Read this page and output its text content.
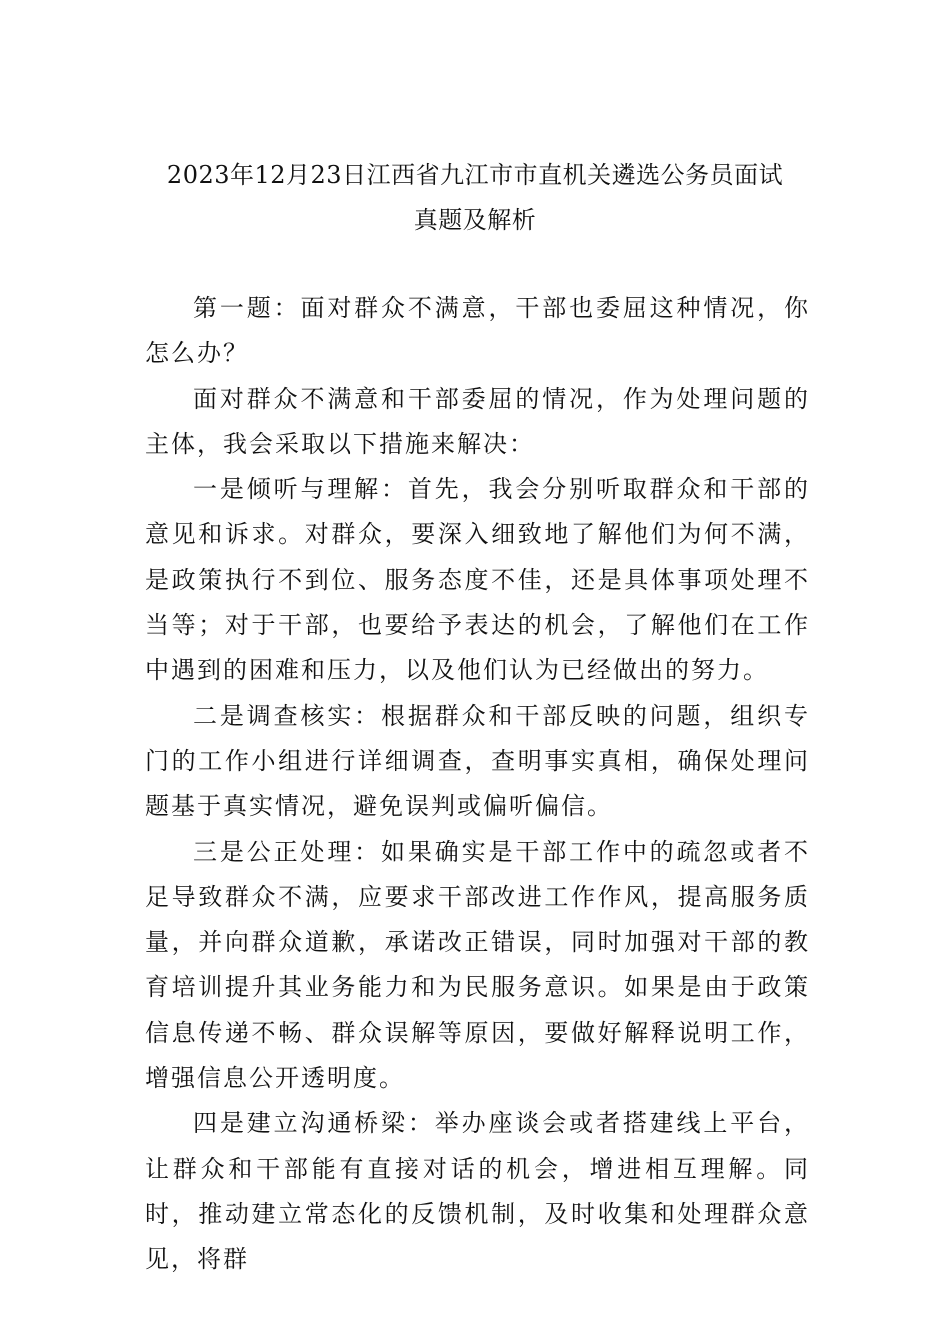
2023年12月23日江西省九江市市直机关遴选公务员面试
真题及解析

第一题：面对群众不满意，干部也委屈这种情况，你怎么办？

面对群众不满意和干部委屈的情况，作为处理问题的主体，我会采取以下措施来解决：

一是倾听与理解：首先，我会分别听取群众和干部的意见和诉求。对群众，要深入细致地了解他们为何不满，是政策执行不到位、服务态度不佳，还是具体事项处理不当等；对于干部，也要给予表达的机会，了解他们在工作中遇到的困难和压力，以及他们认为已经做出的努力。

二是调查核实：根据群众和干部反映的问题，组织专门的工作小组进行详细调查，查明事实真相，确保处理问题基于真实情况，避免误判或偏听偏信。

三是公正处理：如果确实是干部工作中的疏忽或者不足导致群众不满，应要求干部改进工作作风，提高服务质量，并向群众道歉，承诺改正错误，同时加强对干部的教育培训提升其业务能力和为民服务意识。如果是由于政策信息传递不畅、群众误解等原因，要做好解释说明工作，增强信息公开透明度。

四是建立沟通桥梁：举办座谈会或者搭建线上平台，让群众和干部能有直接对话的机会，增进相互理解。同时，推动建立常态化的反馈机制，及时收集和处理群众意见，将群
